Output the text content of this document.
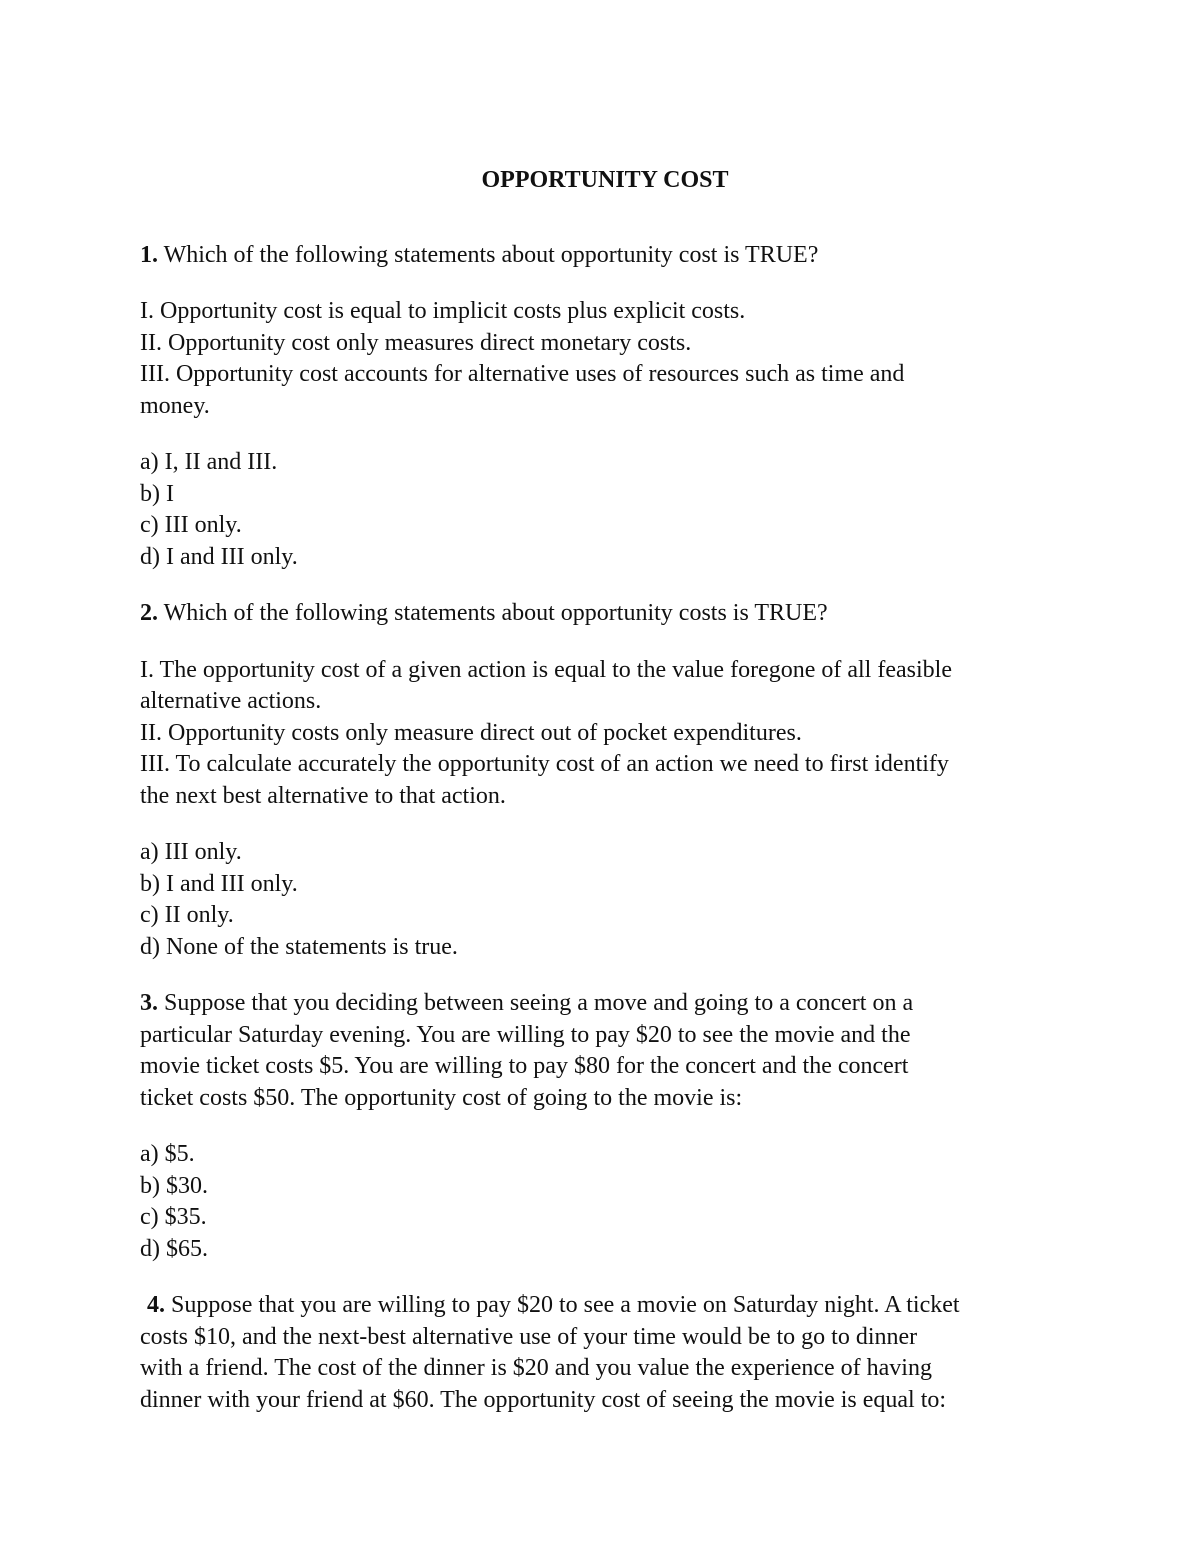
OPPORTUNITY COST
1. Which of the following statements about opportunity cost is TRUE?
I. Opportunity cost is equal to implicit costs plus explicit costs.
II. Opportunity cost only measures direct monetary costs.
III. Opportunity cost accounts for alternative uses of resources such as time and
money.
a) I, II and III.
b) I
c) III only.
d) I and III only.
2. Which of the following statements about opportunity costs is TRUE?
I. The opportunity cost of a given action is equal to the value foregone of all feasible
alternative actions.
II. Opportunity costs only measure direct out of pocket expenditures.
III. To calculate accurately the opportunity cost of an action we need to first identify
the next best alternative to that action.
a) III only.
b) I and III only.
c) II only.
d) None of the statements is true.
3. Suppose that you deciding between seeing a move and going to a concert on a
particular Saturday evening. You are willing to pay $20 to see the movie and the
movie ticket costs $5. You are willing to pay $80 for the concert and the concert
ticket costs $50. The opportunity cost of going to the movie is:
a) $5.
b) $30.
c) $35.
d) $65.
4. Suppose that you are willing to pay $20 to see a movie on Saturday night. A ticket
costs $10, and the next-best alternative use of your time would be to go to dinner
with a friend. The cost of the dinner is $20 and you value the experience of having
dinner with your friend at $60. The opportunity cost of seeing the movie is equal to:
